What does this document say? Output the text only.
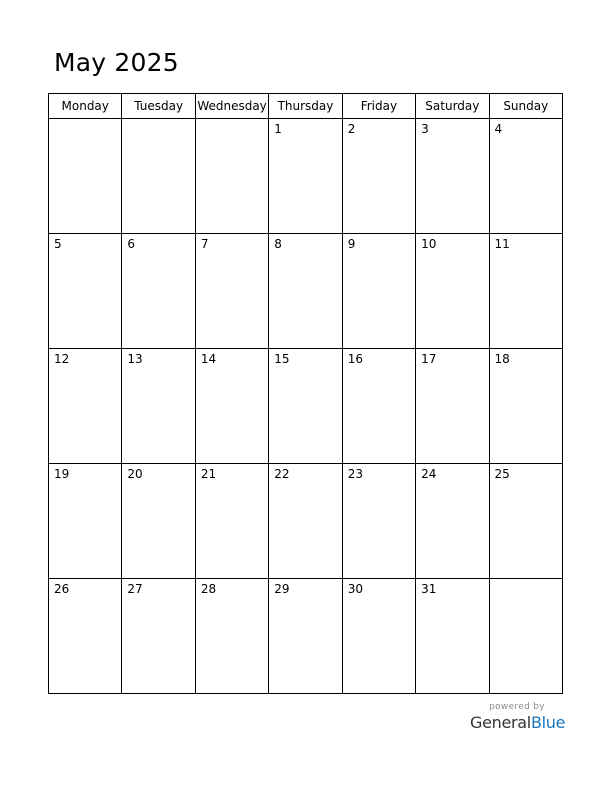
May 2025
Monday	Tuesday	Wednesday	Thursday	Friday	Saturday	Sunday

			1	2	3	4

5	6	7	8	9	10	11

12	13	14	15	16	17	18

19	20	21	22	23	24	25

26	27	28	29	30	31	

powered by
GeneralBlue
